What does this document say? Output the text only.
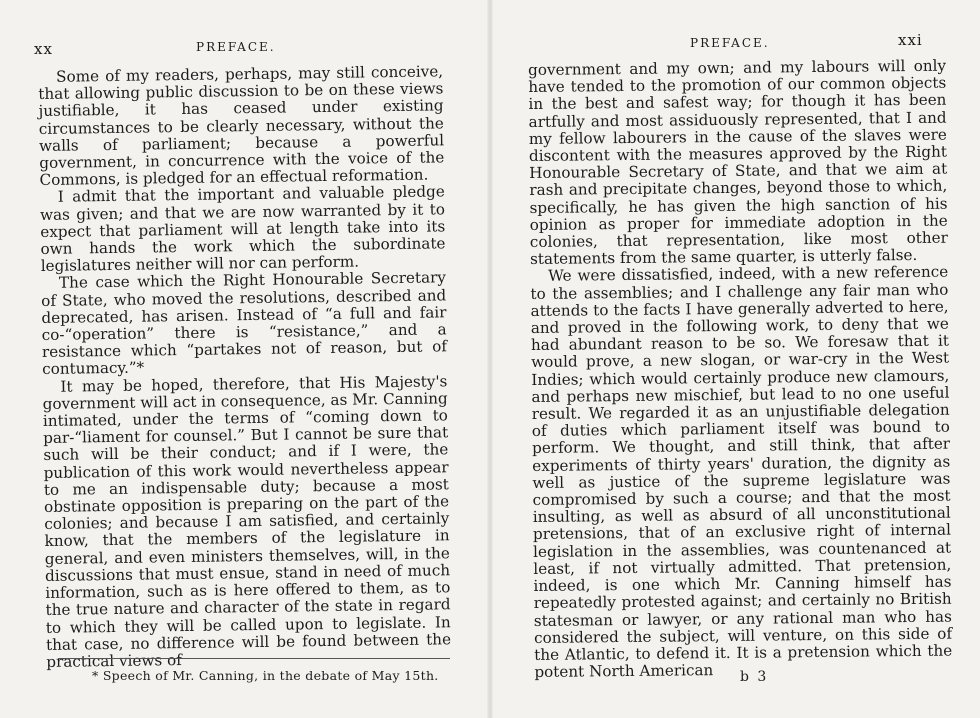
xx	PREFACE.

Some of my readers, perhaps, may still conceive, that allowing public discussion to be on these views justifiable, it has ceased under existing circumstances to be clearly necessary, without the walls of parliament; because a powerful government, in concurrence with the voice of the Commons, is pledged for an effectual reformation.

I admit that the important and valuable pledge was given; and that we are now warranted by it to expect that parliament will at length take into its own hands the work which the subordinate legislatures neither will nor can perform.

The case which the Right Honourable Secretary of State, who moved the resolutions, described and deprecated, has arisen. Instead of “a full and fair co-“operation” there is “resistance,” and a resistance which “partakes not of reason, but of contumacy.”*

It may be hoped, therefore, that His Majesty's government will act in consequence, as Mr. Canning intimated, under the terms of “coming down to par-“liament for counsel.” But I cannot be sure that such will be their conduct; and if I were, the publication of this work would nevertheless appear to me an indispensable duty; because a most obstinate opposition is preparing on the part of the colonies; and because I am satisfied, and certainly know, that the members of the legislature in general, and even ministers themselves, will, in the discussions that must ensue, stand in need of much information, such as is here offered to them, as to the true nature and character of the state in regard to which they will be called upon to legislate. In that case, no difference will be found between the practical views of

* Speech of Mr. Canning, in the debate of May 15th.
PREFACE.	xxi

government and my own; and my labours will only have tended to the promotion of our common objects in the best and safest way; for though it has been artfully and most assiduously represented, that I and my fellow labourers in the cause of the slaves were discontent with the measures approved by the Right Honourable Secretary of State, and that we aim at rash and precipitate changes, beyond those to which, specifically, he has given the high sanction of his opinion as proper for immediate adoption in the colonies, that representation, like most other statements from the same quarter, is utterly false.

We were dissatisfied, indeed, with a new reference to the assemblies; and I challenge any fair man who attends to the facts I have generally adverted to here, and proved in the following work, to deny that we had abundant reason to be so. We foresaw that it would prove, a new slogan, or war-cry in the West Indies; which would certainly produce new clamours, and perhaps new mischief, but lead to no one useful result. We regarded it as an unjustifiable delegation of duties which parliament itself was bound to perform. We thought, and still think, that after experiments of thirty years' duration, the dignity as well as justice of the supreme legislature was compromised by such a course; and that the most insulting, as well as absurd of all unconstitutional pretensions, that of an exclusive right of internal legislation in the assemblies, was countenanced at least, if not virtually admitted. That pretension, indeed, is one which Mr. Canning himself has repeatedly protested against; and certainly no British statesman or lawyer, or any rational man who has considered the subject, will venture, on this side of the Atlantic, to defend it. It is a pretension which the potent North American	b 3
